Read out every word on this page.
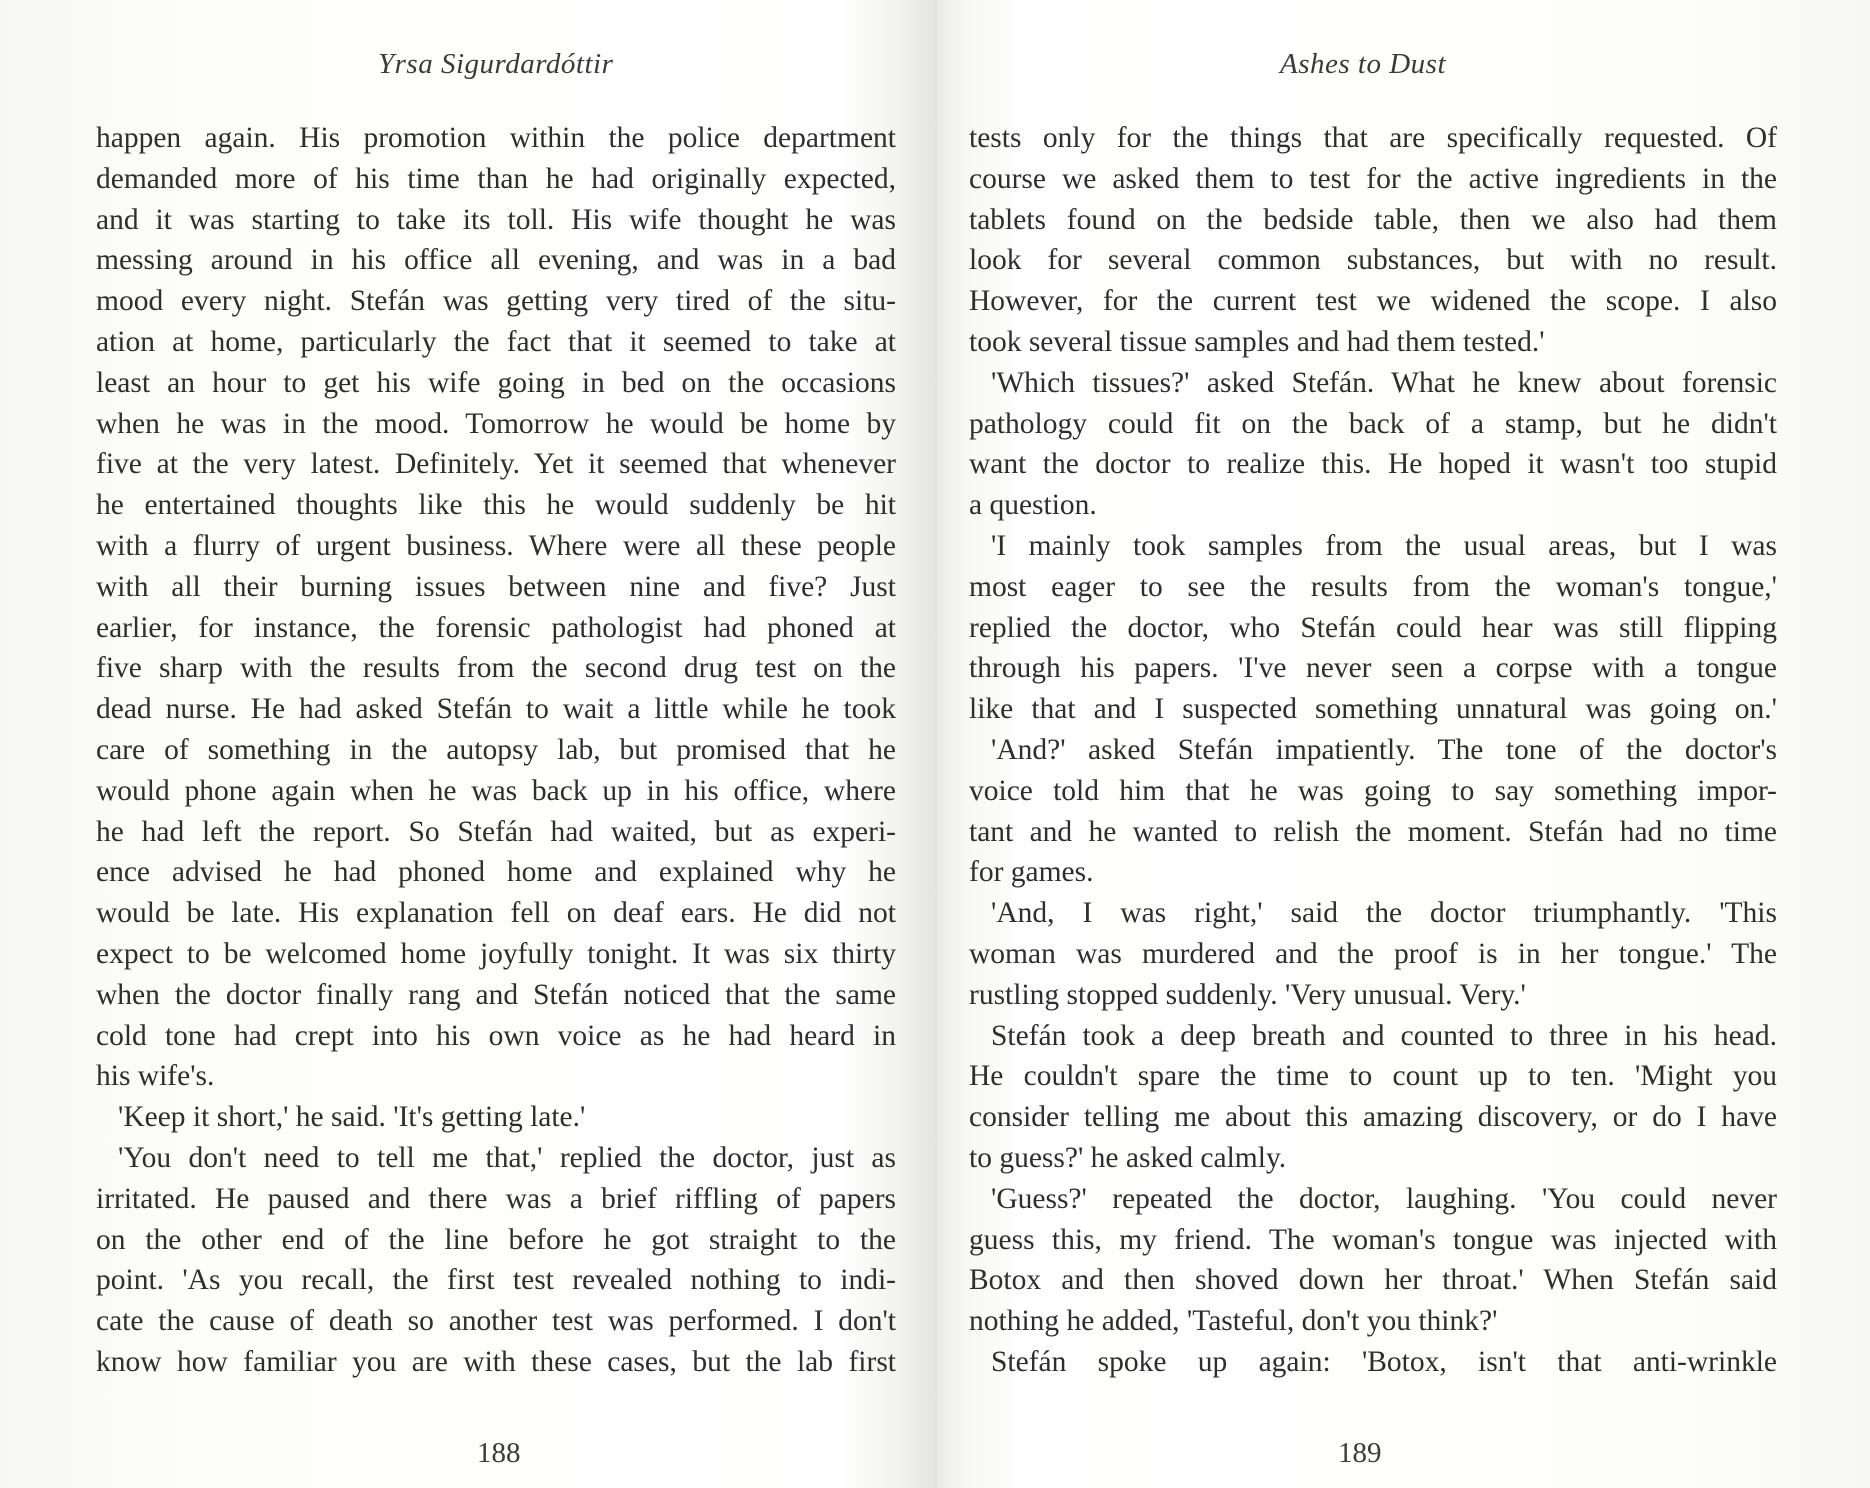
Yrsa Sigurdardóttir
happen again. His promotion within the police department
demanded more of his time than he had originally expected,
and it was starting to take its toll. His wife thought he was
messing around in his office all evening, and was in a bad
mood every night. Stefán was getting very tired of the situ-
ation at home, particularly the fact that it seemed to take at
least an hour to get his wife going in bed on the occasions
when he was in the mood. Tomorrow he would be home by
five at the very latest. Definitely. Yet it seemed that whenever
he entertained thoughts like this he would suddenly be hit
with a flurry of urgent business. Where were all these people
with all their burning issues between nine and five? Just
earlier, for instance, the forensic pathologist had phoned at
five sharp with the results from the second drug test on the
dead nurse. He had asked Stefán to wait a little while he took
care of something in the autopsy lab, but promised that he
would phone again when he was back up in his office, where
he had left the report. So Stefán had waited, but as experi-
ence advised he had phoned home and explained why he
would be late. His explanation fell on deaf ears. He did not
expect to be welcomed home joyfully tonight. It was six thirty
when the doctor finally rang and Stefán noticed that the same
cold tone had crept into his own voice as he had heard in
his wife's.
'Keep it short,' he said. 'It's getting late.'
'You don't need to tell me that,' replied the doctor, just as
irritated. He paused and there was a brief riffling of papers
on the other end of the line before he got straight to the
point. 'As you recall, the first test revealed nothing to indi-
cate the cause of death so another test was performed. I don't
know how familiar you are with these cases, but the lab first
188
Ashes to Dust
tests only for the things that are specifically requested. Of
course we asked them to test for the active ingredients in the
tablets found on the bedside table, then we also had them
look for several common substances, but with no result.
However, for the current test we widened the scope. I also
took several tissue samples and had them tested.'
'Which tissues?' asked Stefán. What he knew about forensic
pathology could fit on the back of a stamp, but he didn't
want the doctor to realize this. He hoped it wasn't too stupid
a question.
'I mainly took samples from the usual areas, but I was
most eager to see the results from the woman's tongue,'
replied the doctor, who Stefán could hear was still flipping
through his papers. 'I've never seen a corpse with a tongue
like that and I suspected something unnatural was going on.'
'And?' asked Stefán impatiently. The tone of the doctor's
voice told him that he was going to say something impor-
tant and he wanted to relish the moment. Stefán had no time
for games.
'And, I was right,' said the doctor triumphantly. 'This
woman was murdered and the proof is in her tongue.' The
rustling stopped suddenly. 'Very unusual. Very.'
Stefán took a deep breath and counted to three in his head.
He couldn't spare the time to count up to ten. 'Might you
consider telling me about this amazing discovery, or do I have
to guess?' he asked calmly.
'Guess?' repeated the doctor, laughing. 'You could never
guess this, my friend. The woman's tongue was injected with
Botox and then shoved down her throat.' When Stefán said
nothing he added, 'Tasteful, don't you think?'
Stefán spoke up again: 'Botox, isn't that anti-wrinkle
189
